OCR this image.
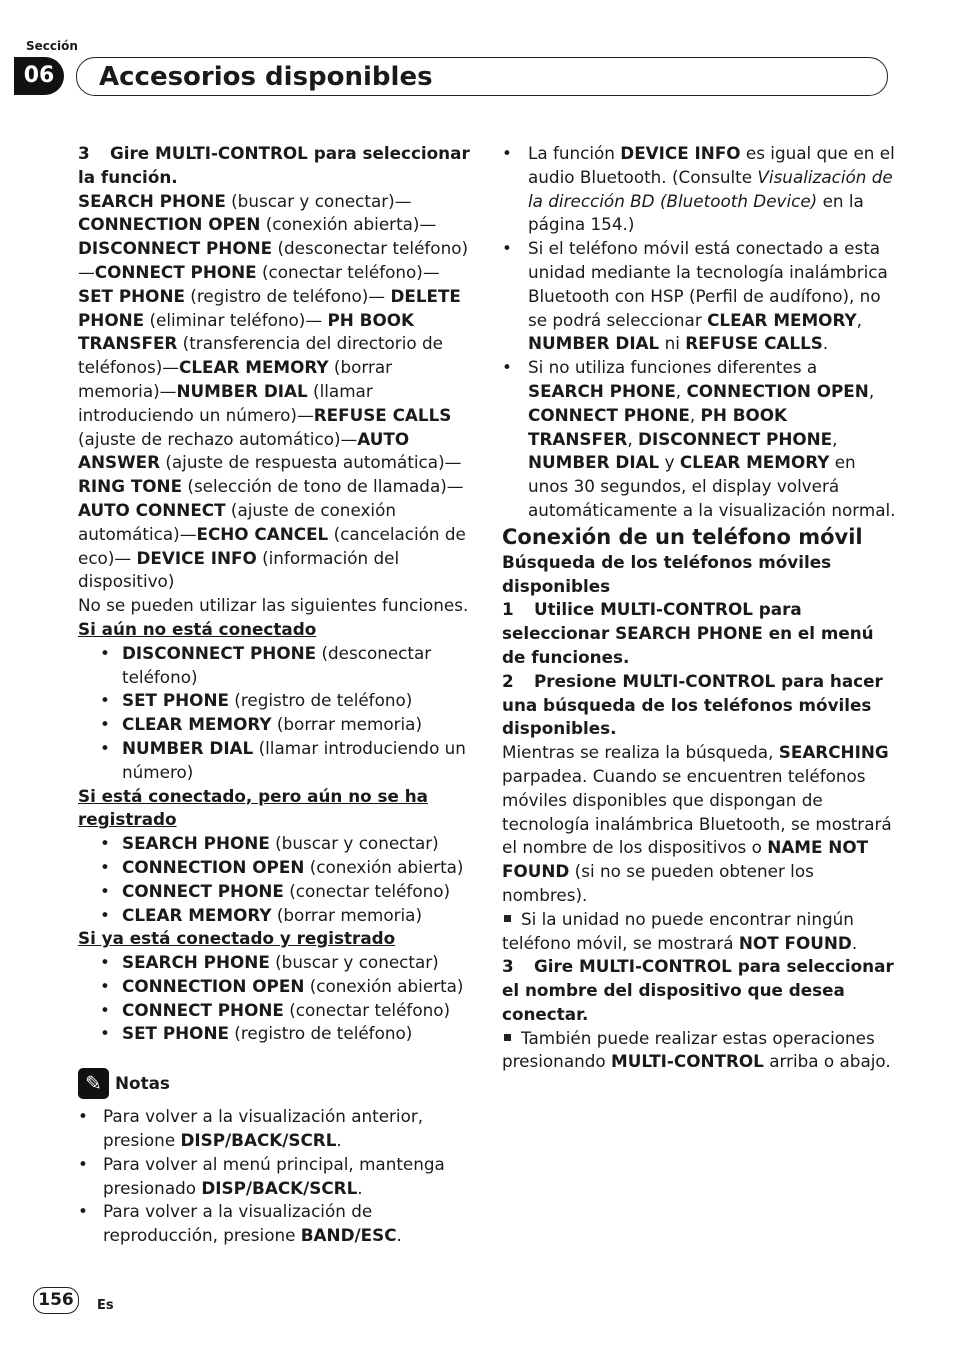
Sección
06	Accesorios disponibles

3 Gire MULTI-CONTROL para seleccionar la función.

SEARCH PHONE (buscar y conectar)— CONNECTION OPEN (conexión abierta)— DISCONNECT PHONE (desconectar teléfono) —CONNECT PHONE (conectar teléfono)— SET PHONE (registro de teléfono)— DELETE PHONE (eliminar teléfono)— PH BOOK TRANSFER (transferencia del directorio de teléfonos)—CLEAR MEMORY (borrar memoria)—NUMBER DIAL (llamar introduciendo un número)—REFUSE CALLS (ajuste de rechazo automático)—AUTO ANSWER (ajuste de respuesta automática)— RING TONE (selección de tono de llamada)— AUTO CONNECT (ajuste de conexión automática)—ECHO CANCEL (cancelación de eco)— DEVICE INFO (información del dispositivo)

No se pueden utilizar las siguientes funciones.

Si aún no está conectado

• DISCONNECT PHONE (desconectar teléfono)
• SET PHONE (registro de teléfono)
• CLEAR MEMORY (borrar memoria)
• NUMBER DIAL (llamar introduciendo un número)

Si está conectado, pero aún no se ha registrado

• SEARCH PHONE (buscar y conectar)
• CONNECTION OPEN (conexión abierta)
• CONNECT PHONE (conectar teléfono)
• CLEAR MEMORY (borrar memoria)

Si ya está conectado y registrado

• SEARCH PHONE (buscar y conectar)
• CONNECTION OPEN (conexión abierta)
• CONNECT PHONE (conectar teléfono)
• SET PHONE (registro de teléfono)
✎ Notas
• Para volver a la visualización anterior, presione DISP/BACK/SCRL.
• Para volver al menú principal, mantenga presionado DISP/BACK/SCRL.
• Para volver a la visualización de reproducción, presione BAND/ESC.
• La función DEVICE INFO es igual que en el audio Bluetooth. (Consulte Visualización de la dirección BD (Bluetooth Device) en la página 154.)
• Si el teléfono móvil está conectado a esta unidad mediante la tecnología inalámbrica Bluetooth con HSP (Perfil de audífono), no se podrá seleccionar CLEAR MEMORY, NUMBER DIAL ni REFUSE CALLS.
• Si no utiliza funciones diferentes a SEARCH PHONE, CONNECTION OPEN, CONNECT PHONE, PH BOOK TRANSFER, DISCONNECT PHONE, NUMBER DIAL y CLEAR MEMORY en unos 30 segundos, el display volverá automáticamente a la visualización normal.

Conexión de un teléfono móvil

Búsqueda de los teléfonos móviles disponibles

1 Utilice MULTI-CONTROL para seleccionar SEARCH PHONE en el menú de funciones.

2 Presione MULTI-CONTROL para hacer una búsqueda de los teléfonos móviles disponibles.

Mientras se realiza la búsqueda, SEARCHING parpadea. Cuando se encuentren teléfonos móviles disponibles que dispongan de tecnología inalámbrica Bluetooth, se mostrará el nombre de los dispositivos o NAME NOT FOUND (si no se pueden obtener los nombres).

Si la unidad no puede encontrar ningún teléfono móvil, se mostrará NOT FOUND.

3 Gire MULTI-CONTROL para seleccionar el nombre del dispositivo que desea conectar.

También puede realizar estas operaciones presionando MULTI-CONTROL arriba o abajo.

156	Es
